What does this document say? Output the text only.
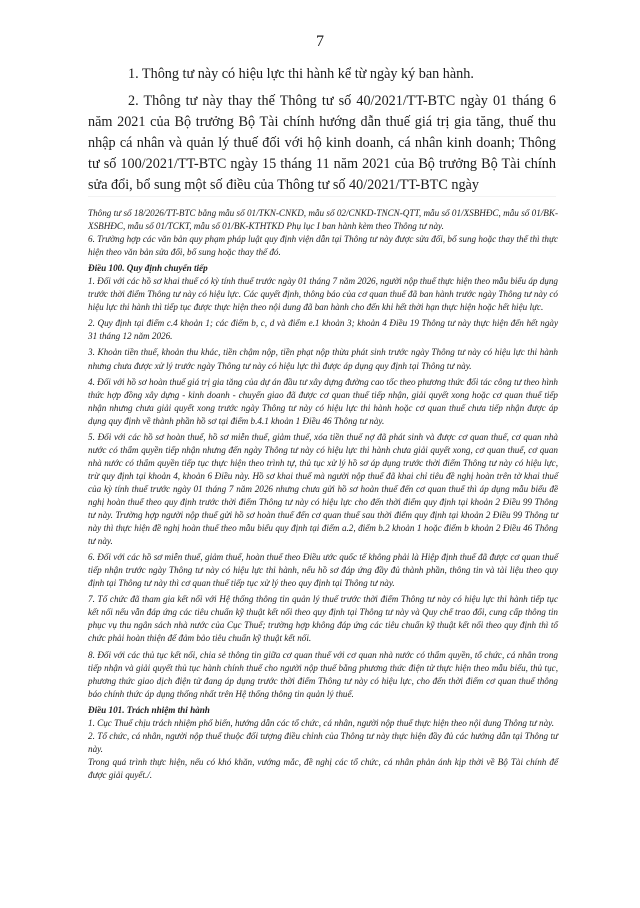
7

1. Thông tư này có hiệu lực thi hành kể từ ngày ký ban hành.

2. Thông tư này thay thế Thông tư số 40/2021/TT-BTC ngày 01 tháng 6 năm 2021 của Bộ trưởng Bộ Tài chính hướng dẫn thuế giá trị gia tăng, thuế thu nhập cá nhân và quản lý thuế đối với hộ kinh doanh, cá nhân kinh doanh; Thông tư số 100/2021/TT-BTC ngày 15 tháng 11 năm 2021 của Bộ trưởng Bộ Tài chính sửa đổi, bổ sung một số điều của Thông tư số 40/2021/TT-BTC ngày

Thông tư số 18/2026/TT-BTC bằng mẫu số 01/TKN-CNKD, mẫu số 02/CNKD-TNCN-QTT, mẫu số 01/XSBHĐC, mẫu số 01/BK-XSBHĐC, mẫu số 01/TCKT, mẫu số 01/BK-KTHTKD Phụ lục I ban hành kèm theo Thông tư này.

6. Trường hợp các văn bản quy phạm pháp luật quy định viện dẫn tại Thông tư này được sửa đổi, bổ sung hoặc thay thế thì thực hiện theo văn bản sửa đổi, bổ sung hoặc thay thế đó.

Điều 100. Quy định chuyển tiếp

1. Đối với các hồ sơ khai thuế có kỳ tính thuế trước ngày 01 tháng 7 năm 2026, người nộp thuế thực hiện theo mẫu biểu áp dụng trước thời điểm Thông tư này có hiệu lực. Các quyết định, thông báo của cơ quan thuế đã ban hành trước ngày Thông tư này có hiệu lực thi hành thì tiếp tục được thực hiện theo nội dung đã ban hành cho đến khi hết thời hạn thực hiện hoặc hết hiệu lực.

2. Quy định tại điểm c.4 khoản 1; các điểm b, c, d và điểm e.1 khoản 3; khoản 4 Điều 19 Thông tư này thực hiện đến hết ngày 31 tháng 12 năm 2026.

3. Khoản tiền thuế, khoản thu khác, tiền chậm nộp, tiền phạt nộp thừa phát sinh trước ngày Thông tư này có hiệu lực thi hành nhưng chưa được xử lý trước ngày Thông tư này có hiệu lực thì được áp dụng quy định tại Thông tư này.

4. Đối với hồ sơ hoàn thuế giá trị gia tăng của dự án đầu tư xây dựng đường cao tốc theo phương thức đối tác công tư theo hình thức hợp đồng xây dựng - kinh doanh - chuyển giao đã được cơ quan thuế tiếp nhận, giải quyết xong hoặc cơ quan thuế tiếp nhận nhưng chưa giải quyết xong trước ngày Thông tư này có hiệu lực thi hành hoặc cơ quan thuế chưa tiếp nhận được áp dụng quy định về thành phần hồ sơ tại điểm b.4.1 khoản 1 Điều 46 Thông tư này.

5. Đối với các hồ sơ hoàn thuế, hồ sơ miễn thuế, giảm thuế, xóa tiền thuế nợ đã phát sinh và được cơ quan thuế, cơ quan nhà nước có thẩm quyền tiếp nhận nhưng đến ngày Thông tư này có hiệu lực thi hành chưa giải quyết xong, cơ quan thuế, cơ quan nhà nước có thẩm quyền tiếp tục thực hiện theo trình tự, thủ tục xử lý hồ sơ áp dụng trước thời điểm Thông tư này có hiệu lực, trừ quy định tại khoản 4, khoản 6 Điều này. Hồ sơ khai thuế mà người nộp thuế đã khai chỉ tiêu đề nghị hoàn trên tờ khai thuế của kỳ tính thuế trước ngày 01 tháng 7 năm 2026 nhưng chưa gửi hồ sơ hoàn thuế đến cơ quan thuế thì áp dụng mẫu biểu đề nghị hoàn thuế theo quy định trước thời điểm Thông tư này có hiệu lực cho đến thời điểm quy định tại khoản 2 Điều 99 Thông tư này. Trường hợp người nộp thuế gửi hồ sơ hoàn thuế đến cơ quan thuế sau thời điểm quy định tại khoản 2 Điều 99 Thông tư này thì thực hiện đề nghị hoàn thuế theo mẫu biểu quy định tại điểm a.2, điểm b.2 khoản 1 hoặc điểm b khoản 2 Điều 46 Thông tư này.

6. Đối với các hồ sơ miễn thuế, giảm thuế, hoàn thuế theo Điều ước quốc tế không phải là Hiệp định thuế đã được cơ quan thuế tiếp nhận trước ngày Thông tư này có hiệu lực thi hành, nếu hồ sơ đáp ứng đầy đủ thành phần, thông tin và tài liệu theo quy định tại Thông tư này thì cơ quan thuế tiếp tục xử lý theo quy định tại Thông tư này.

7. Tổ chức đã tham gia kết nối với Hệ thống thông tin quản lý thuế trước thời điểm Thông tư này có hiệu lực thi hành tiếp tục kết nối nếu vẫn đáp ứng các tiêu chuẩn kỹ thuật kết nối theo quy định tại Thông tư này và Quy chế trao đổi, cung cấp thông tin phục vụ thu ngân sách nhà nước của Cục Thuế; trường hợp không đáp ứng các tiêu chuẩn kỹ thuật kết nối theo quy định thì tổ chức phải hoàn thiện để đảm bảo tiêu chuẩn kỹ thuật kết nối.

8. Đối với các thủ tục kết nối, chia sẻ thông tin giữa cơ quan thuế với cơ quan nhà nước có thẩm quyền, tổ chức, cá nhân trong tiếp nhận và giải quyết thủ tục hành chính thuế cho người nộp thuế bằng phương thức điện tử thực hiện theo mẫu biểu, thủ tục, phương thức giao dịch điện tử đang áp dụng trước thời điểm Thông tư này có hiệu lực, cho đến thời điểm cơ quan thuế thông báo chính thức áp dụng thống nhất trên Hệ thống thông tin quản lý thuế.

Điều 101. Trách nhiệm thi hành

1. Cục Thuế chịu trách nhiệm phổ biến, hướng dẫn các tổ chức, cá nhân, người nộp thuế thực hiện theo nội dung Thông tư này.

2. Tổ chức, cá nhân, người nộp thuế thuộc đối tượng điều chỉnh của Thông tư này thực hiện đầy đủ các hướng dẫn tại Thông tư này.

Trong quá trình thực hiện, nếu có khó khăn, vướng mắc, đề nghị các tổ chức, cá nhân phản ánh kịp thời về Bộ Tài chính để được giải quyết./.
